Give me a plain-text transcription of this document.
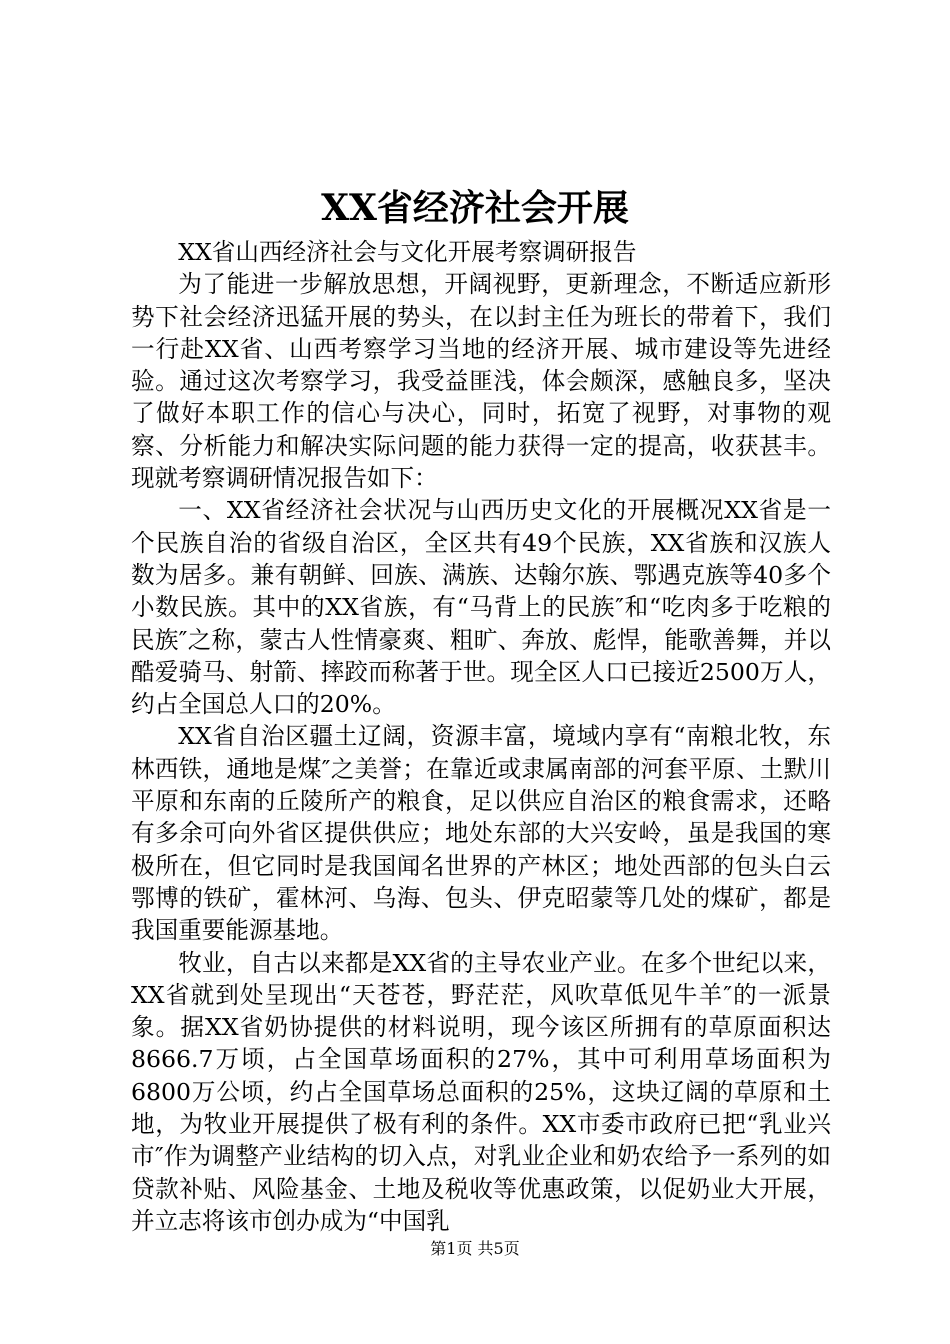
XX省经济社会开展

XX省山西经济社会与文化开展考察调研报告

为了能进一步解放思想，开阔视野，更新理念，不断适应新形势下社会经济迅猛开展的势头，在以封主任为班长的带着下，我们一行赴XX省、山西考察学习当地的经济开展、城市建设等先进经验。通过这次考察学习，我受益匪浅，体会颇深，感触良多，坚决了做好本职工作的信心与决心，同时，拓宽了视野，对事物的观察、分析能力和解决实际问题的能力获得一定的提高，收获甚丰。现就考察调研情况报告如下：

一、XX省经济社会状况与山西历史文化的开展概况XX省是一个民族自治的省级自治区，全区共有49个民族，XX省族和汉族人数为居多。兼有朝鲜、回族、满族、达翰尔族、鄂遇克族等40多个小数民族。其中的XX省族，有“马背上的民族″和“吃肉多于吃粮的民族″之称，蒙古人性情豪爽、粗旷、奔放、彪悍，能歌善舞，并以酷爱骑马、射箭、摔跤而称著于世。现全区人口已接近2500万人，约占全国总人口的20%。

XX省自治区疆土辽阔，资源丰富，境域内享有“南粮北牧，东林西铁，通地是煤″之美誉；在靠近或隶属南部的河套平原、土默川平原和东南的丘陵所产的粮食，足以供应自治区的粮食需求，还略有多余可向外省区提供供应；地处东部的大兴安岭，虽是我国的寒极所在，但它同时是我国闻名世界的产林区；地处西部的包头白云鄂博的铁矿，霍林河、乌海、包头、伊克昭蒙等几处的煤矿，都是我国重要能源基地。

牧业，自古以来都是XX省的主导农业产业。在多个世纪以来，XX省就到处呈现出“天苍苍，野茫茫，风吹草低见牛羊″的一派景象。据XX省奶协提供的材料说明，现今该区所拥有的草原面积达8666.7万顷，占全国草场面积的27%，其中可利用草场面积为6800万公顷，约占全国草场总面积的25%，这块辽阔的草原和土地，为牧业开展提供了极有利的条件。XX市委市政府已把“乳业兴市″作为调整产业结构的切入点，对乳业企业和奶农给予一系列的如贷款补贴、风险基金、土地及税收等优惠政策，以促奶业大开展，并立志将该市创办成为“中国乳

第1页 共5页
